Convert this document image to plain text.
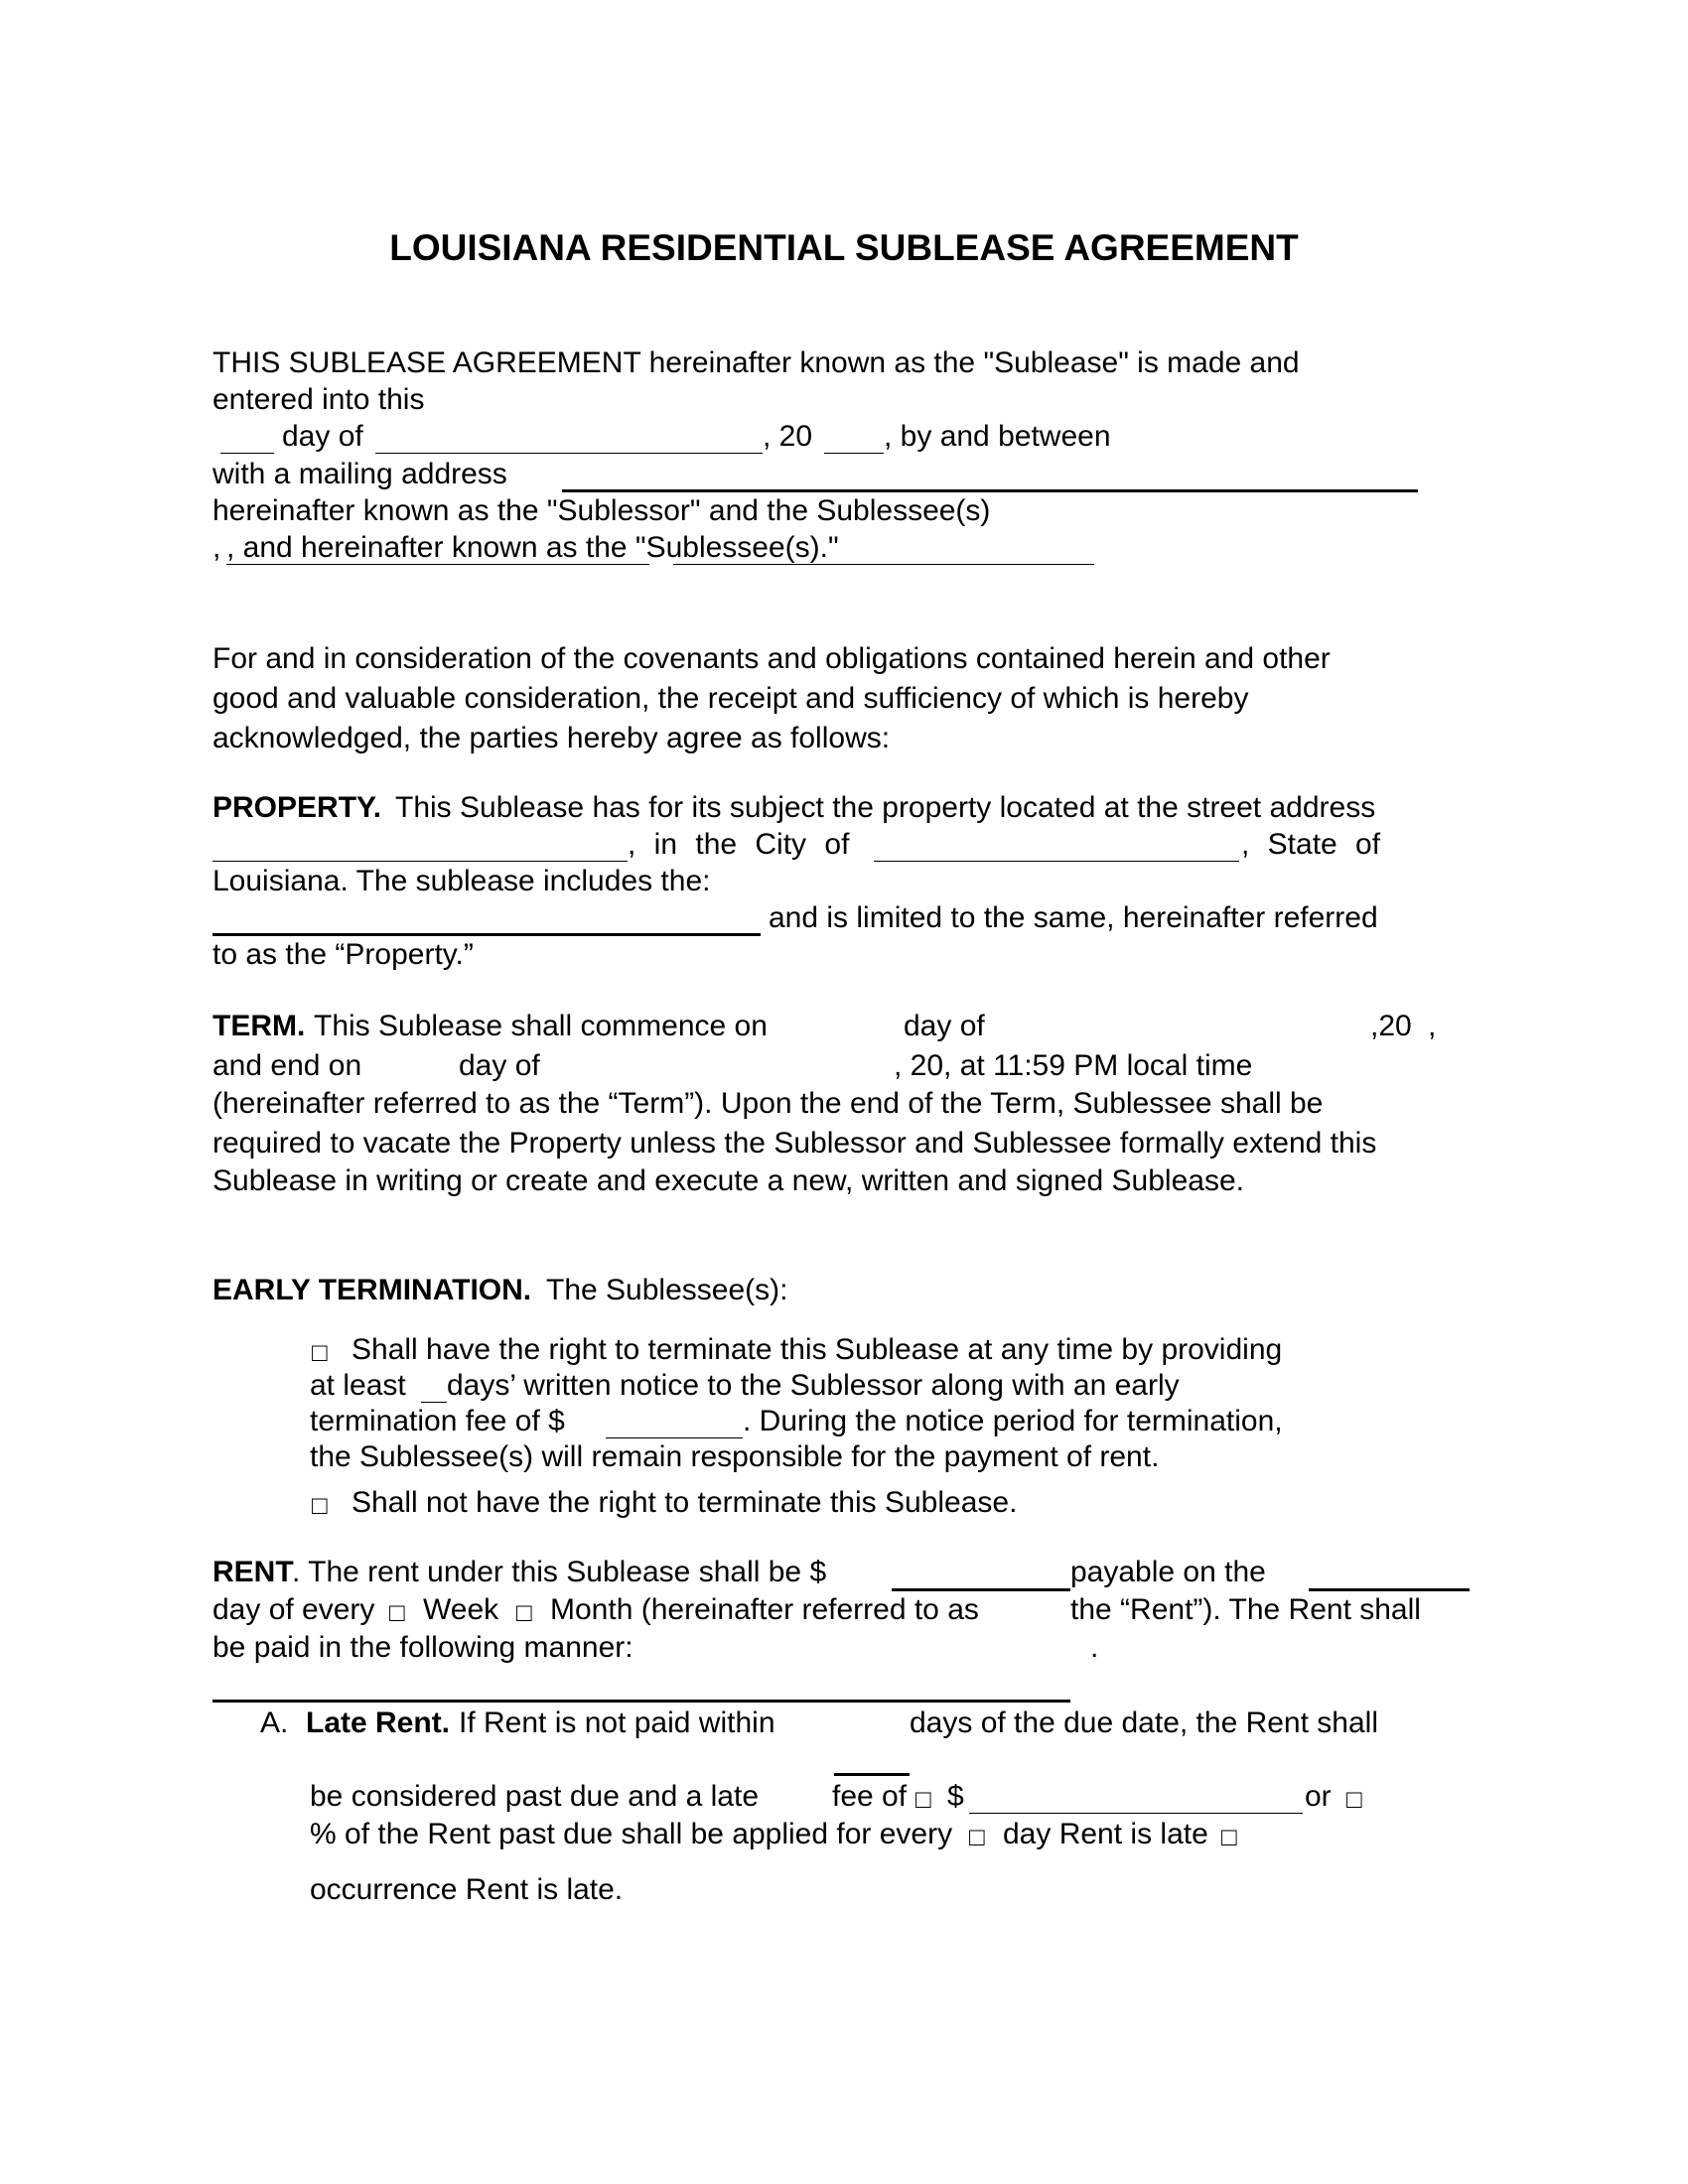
LOUISIANA RESIDENTIAL SUBLEASE AGREEMENT
THIS SUBLEASE AGREEMENT hereinafter known as the "Sublease" is made and
entered into this
day of	, 20 , by and between
with a mailing address
hereinafter known as the "Sublessor" and the Sublessee(s)
, , and hereinafter known as the "Sublessee(s)."
For and in consideration of the covenants and obligations contained herein and other
good and valuable consideration, the receipt and sufficiency of which is hereby
acknowledged, the parties hereby agree as follows:
PROPERTY. This Sublease has for its subject the property located at the street address
, in the City of	, State of
Louisiana. The sublease includes the:
and is limited to the same, hereinafter referred
to as the “Property.”
TERM. This Sublease shall commence on	day of	,20 ,
and end on	day of	, 20, at 11:59 PM local time
(hereinafter referred to as the “Term”). Upon the end of the Term, Sublessee shall be
required to vacate the Property unless the Sublessor and Sublessee formally extend this
Sublease in writing or create and execute a new, written and signed Sublease.
EARLY TERMINATION. The Sublessee(s):
□ Shall have the right to terminate this Sublease at any time by providing
at least days’ written notice to the Sublessor along with an early
termination fee of $	. During the notice period for termination,
the Sublessee(s) will remain responsible for the payment of rent.
□ Shall not have the right to terminate this Sublease.
RENT
. The rent under this Sublease shall be $	payable on the
day of every □ Week □ Month (hereinafter referred to as	the “Rent”). The Rent shall
be paid in the following manner:	.
A. Late Rent. If Rent is not paid within	days of the due date, the Rent shall
be considered past due and a late fee of □ $	or □
% of the Rent past due shall be applied for every □ day Rent is late □
occurrence Rent is late.
